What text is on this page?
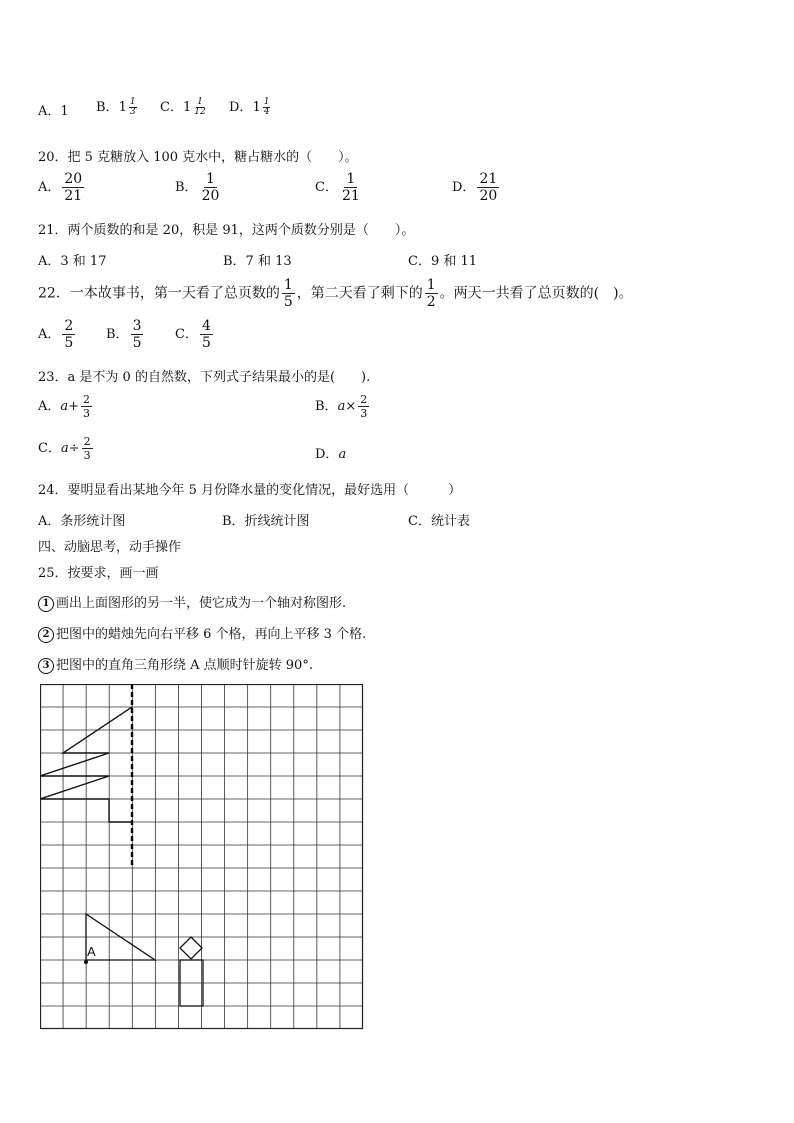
A．1 B．$1 \frac{1}{3}$ C．$1 \frac{1}{12}$ D．$1 \frac{1}{4}$
20．把 5 克糖放入 100 克水中，糖占糖水的（　　）。
A． $\frac{20}{21}$	B． $\frac{1}{20}$	C． $\frac{1}{21}$	D． $\frac{21}{20}$
21．两个质数的和是 20，积是 91，这两个质数分别是（　　）。
A．3 和 17	B．7 和 13	C．9 和 11
22．一本故事书，第一天看了总页数的 $\frac{1}{5}$ ，第二天看了剩下的 $\frac{1}{2}$ 。两天一共看了总页数的(　)。
A． $\frac{2}{5}$ B． $\frac{3}{5}$ C． $\frac{4}{5}$
23．a 是不为 0 的自然数，下列式子结果最小的是(　　).
A．$a+ \frac{2}{3}$	B．$a\times \frac{2}{3}$
C．$a\div \frac{2}{3}$	D．a
24．要明显看出某地今年 5 月份降水量的变化情况，最好选用（　　　）
A．条形统计图	B．折线统计图	C．统计表
四、动脑思考，动手操作
25．按要求，画一画
1 画出上面图形的另一半，使它成为一个轴对称图形.
2 把图中的蜡烛先向右平移 6 个格，再向上平移 3 个格.
3 把图中的直角三角形绕 A 点顺时针旋转 90°.
A
